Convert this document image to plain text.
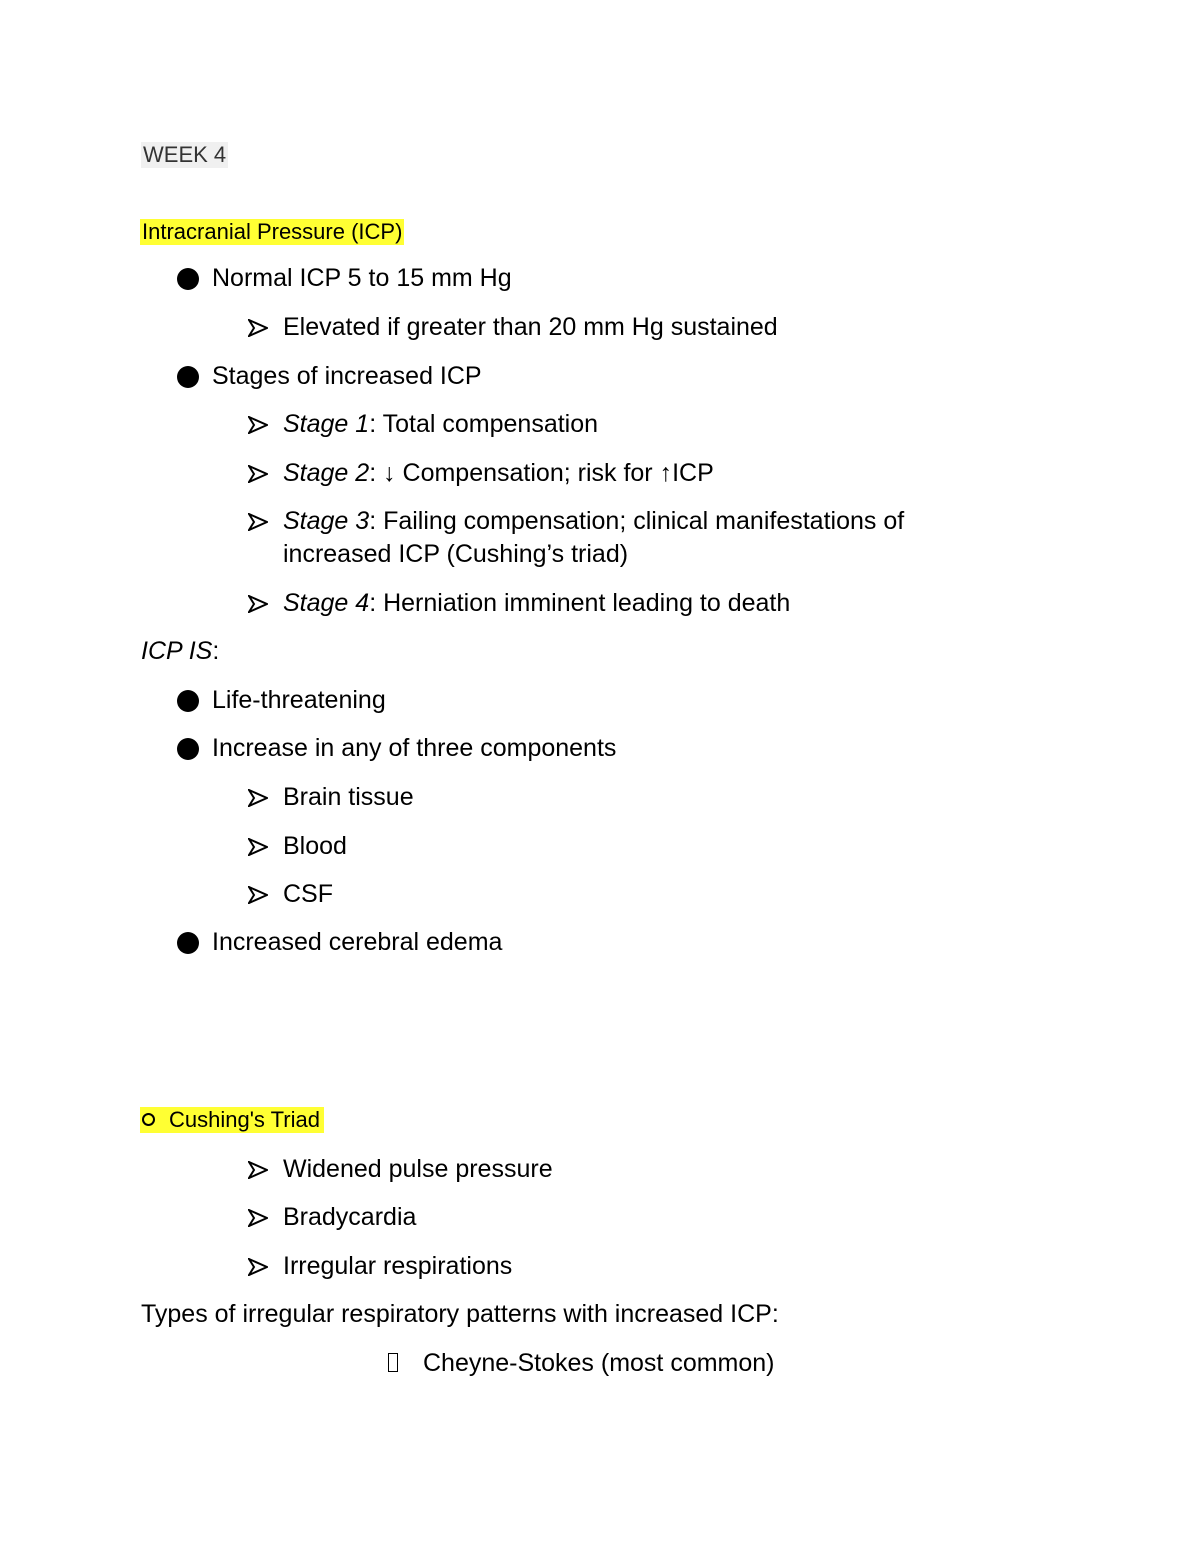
WEEK 4
Intracranial Pressure (ICP)
Normal ICP 5 to 15 mm Hg
Elevated if greater than 20 mm Hg sustained
Stages of increased ICP
Stage 1: Total compensation
Stage 2: ↓ Compensation; risk for ↑ICP
Stage 3: Failing compensation; clinical manifestations of
increased ICP (Cushing’s triad)
Stage 4: Herniation imminent leading to death
ICP IS:
Life-threatening
Increase in any of three components
Brain tissue
Blood
CSF
Increased cerebral edema
Cushing's Triad
Widened pulse pressure
Bradycardia
Irregular respirations
Types of irregular respiratory patterns with increased ICP:
Cheyne-Stokes (most common)
